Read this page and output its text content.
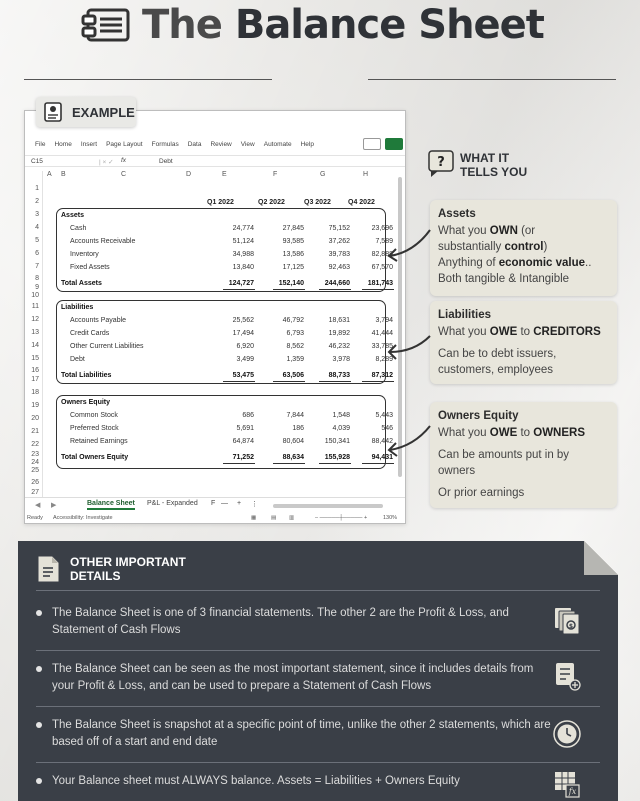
The Balance Sheet
EXAMPLE
File Home Insert Page Layout Formulas Data Review View Automate Help
C15	| × ✓ fx	Debt
A B	C	D	E	F	G	H
1
2
3
4
5
6
7
8
9
10
11
12
13
14
15
16
17
18
19
20
21
22
23
24
25
26
27
Q1 2022	Q2 2022	Q3 2022 Q4 2022
Assets
Cash	24,774	27,845	75,152	23,696
Accounts Receivable	51,124	93,585	37,262	7,589
Inventory	34,988	13,586	39,783	82,888
Fixed Assets	13,840	17,125	92,463	67,570
Total Assets	124,727	152,140	244,660	181,743
Liabilities
Accounts Payable	25,562	46,792	18,631	3,794
Credit Cards	17,494	6,793	19,892	41,444
Other Current Liabilities	6,920	8,562	46,232	33,785
Debt	3,499	1,359	3,978	8,289
Total Liabilities	53,475	63,506	88,733	87,312
Owners Equity
Common Stock	686	7,844	1,548	5,443
Preferred Stock	5,691	186	4,039	546
Retained Earnings	64,874	80,604	150,341	88,442
Total Owners Equity	71,252	88,634	155,928	94,431
◀ ▶	Balance Sheet P&L - Expanded F — + ⋮
Ready Accessibility: Investigate	▦	▤ ▥	– ─────┼───── +	130%
? WHAT IT
TELLS YOU
Assets

What you OWN (or

substantially control)

Anything of economic value..

Both tangible & Intangible

Liabilities

What you OWE to CREDITORS

Can be to debt issuers, customers, employees

Owners Equity

What you OWE to OWNERS

Can be amounts put in by owners

Or prior earnings

OTHER IMPORTANT
DETAILS
The Balance Sheet is one of 3 financial statements. The other 2 are the Profit & Loss, and Statement of Cash Flows	$
The Balance Sheet can be seen as the most important statement, since it includes details from your Profit & Loss, and can be used to prepare a Statement of Cash Flows
The Balance Sheet is snapshot at a specific point of time, unlike the other 2 statements, which are based off of a start and end date
Your Balance sheet must ALWAYS balance. Assets = Liabilities + Owners Equity
fx
